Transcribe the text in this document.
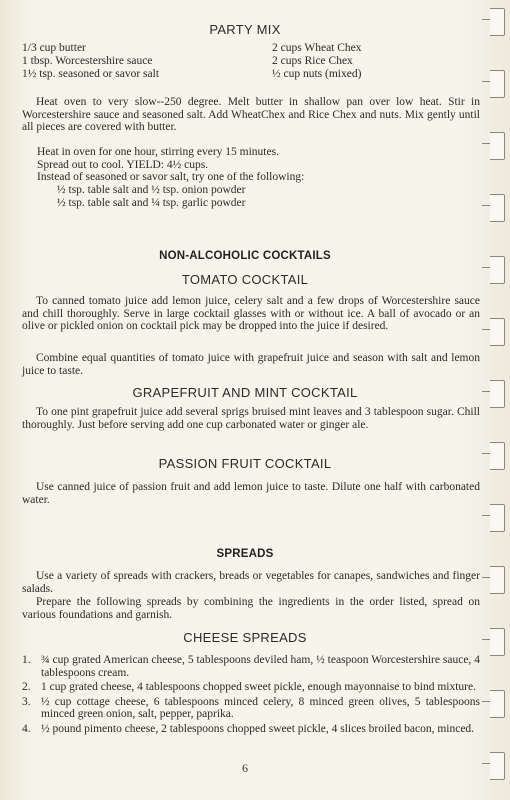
PARTY MIX
1/3 cup butter
1 tbsp. Worcestershire sauce
1½ tsp. seasoned or savor salt
2 cups Wheat Chex
2 cups Rice Chex
½ cup nuts (mixed)
Heat oven to very slow--250 degree. Melt butter in shallow pan over low heat. Stir in Worcestershire sauce and seasoned salt. Add WheatChex and Rice Chex and nuts. Mix gently until all pieces are covered with butter.
Heat in oven for one hour, stirring every 15 minutes.
Spread out to cool. YIELD: 4½ cups.
Instead of seasoned or savor salt, try one of the following:
½ tsp. table salt and ½ tsp. onion powder
½ tsp. table salt and ¼ tsp. garlic powder
NON-ALCOHOLIC COCKTAILS
TOMATO COCKTAIL
To canned tomato juice add lemon juice, celery salt and a few drops of Worcestershire sauce and chill thoroughly. Serve in large cocktail glasses with or without ice. A ball of avocado or an olive or pickled onion on cocktail pick may be dropped into the juice if desired.
Combine equal quantities of tomato juice with grapefruit juice and season with salt and lemon juice to taste.
GRAPEFRUIT AND MINT COCKTAIL
To one pint grapefruit juice add several sprigs bruised mint leaves and 3 tablespoon sugar. Chill thoroughly. Just before serving add one cup carbonated water or ginger ale.
PASSION FRUIT COCKTAIL
Use canned juice of passion fruit and add lemon juice to taste. Dilute one half with carbonated water.
SPREADS
Use a variety of spreads with crackers, breads or vegetables for canapes, sandwiches and finger salads.
Prepare the following spreads by combining the ingredients in the order listed, spread on various foundations and garnish.
CHEESE SPREADS
1. ¾ cup grated American cheese, 5 tablespoons deviled ham, ½ teaspoon Worcestershire sauce, 4 tablespoons cream.
2. 1 cup grated cheese, 4 tablespoons chopped sweet pickle, enough mayonnaise to bind mixture.
3. ½ cup cottage cheese, 6 tablespoons minced celery, 8 minced green olives, 5 tablespoons minced green onion, salt, pepper, paprika.
4. ½ pound pimento cheese, 2 tablespoons chopped sweet pickle, 4 slices broiled bacon, minced.
6
